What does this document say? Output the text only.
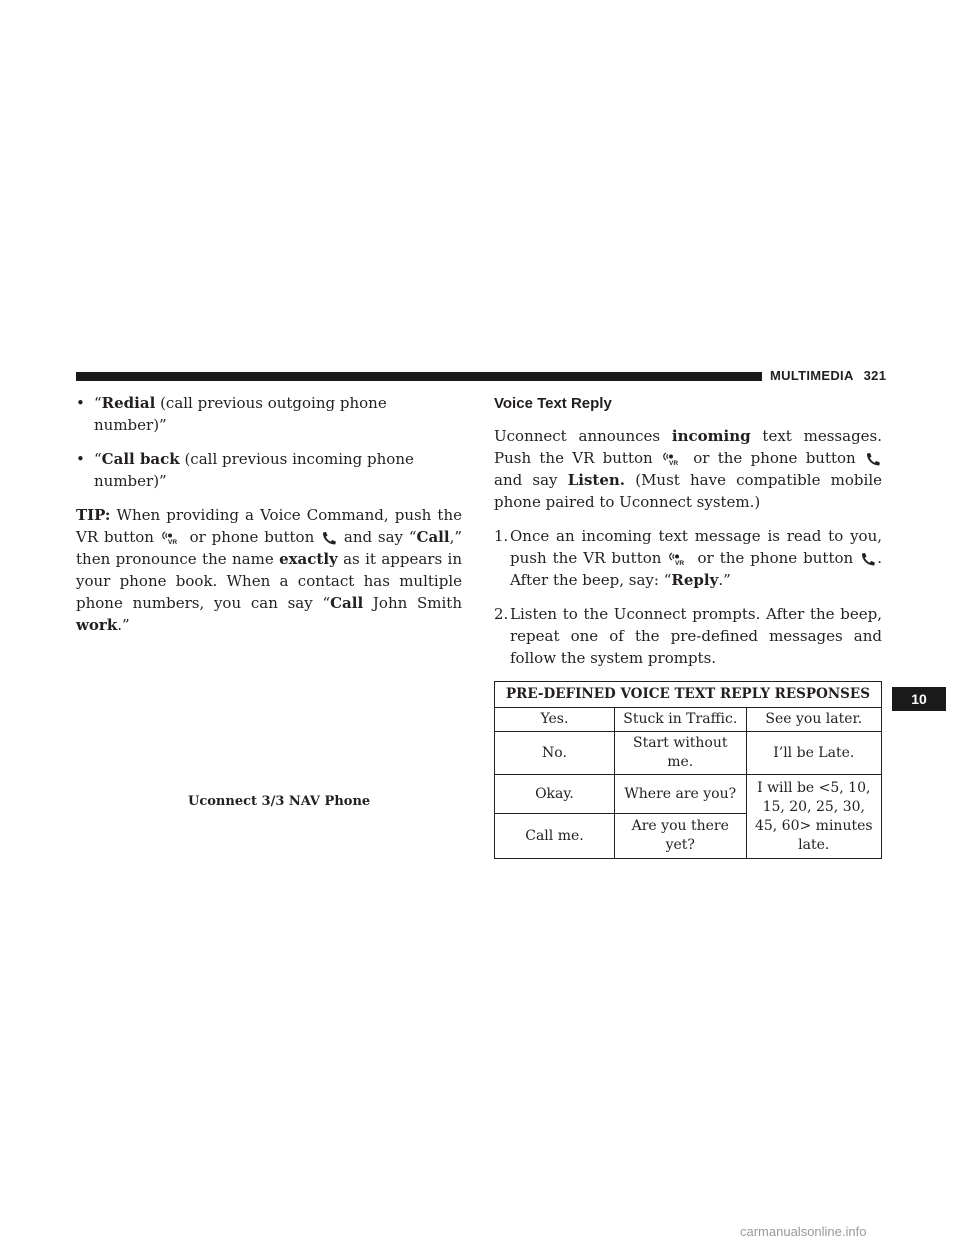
MULTIMEDIA 321

• “Redial (call previous outgoing phone number)”

• “Call back (call previous incoming phone number)”

TIP: When providing a Voice Command, push the VR button VR or phone button  and say “Call,” then pronounce the name exactly as it appears in your phone book. When a contact has multiple phone numbers, you can say “Call John Smith work.”

Uconnect 3/3 NAV Phone
Voice Text Reply

Uconnect announces incoming text messages. Push the VR button VR or the phone button  and say Listen. (Must have compatible mobile phone paired to Uconnect system.)

1. Once an incoming text message is read to you, push the VR button VR or the phone button . After the beep, say: “Reply.”

2. Listen to the Uconnect prompts. After the beep, repeat one of the pre-defined messages and follow the system prompts.

PRE-DEFINED VOICE TEXT REPLY RESPONSES		
Yes.	Stuck in Traffic.	See you later.
No.	Start without me.	I’ll be Late.
Okay.	Where are you?	I will be <5, 10, 15, 20, 25, 30, 45, 60> minutes late.
Call me.	Are you there yet?	
10
carmanualsonline.info
